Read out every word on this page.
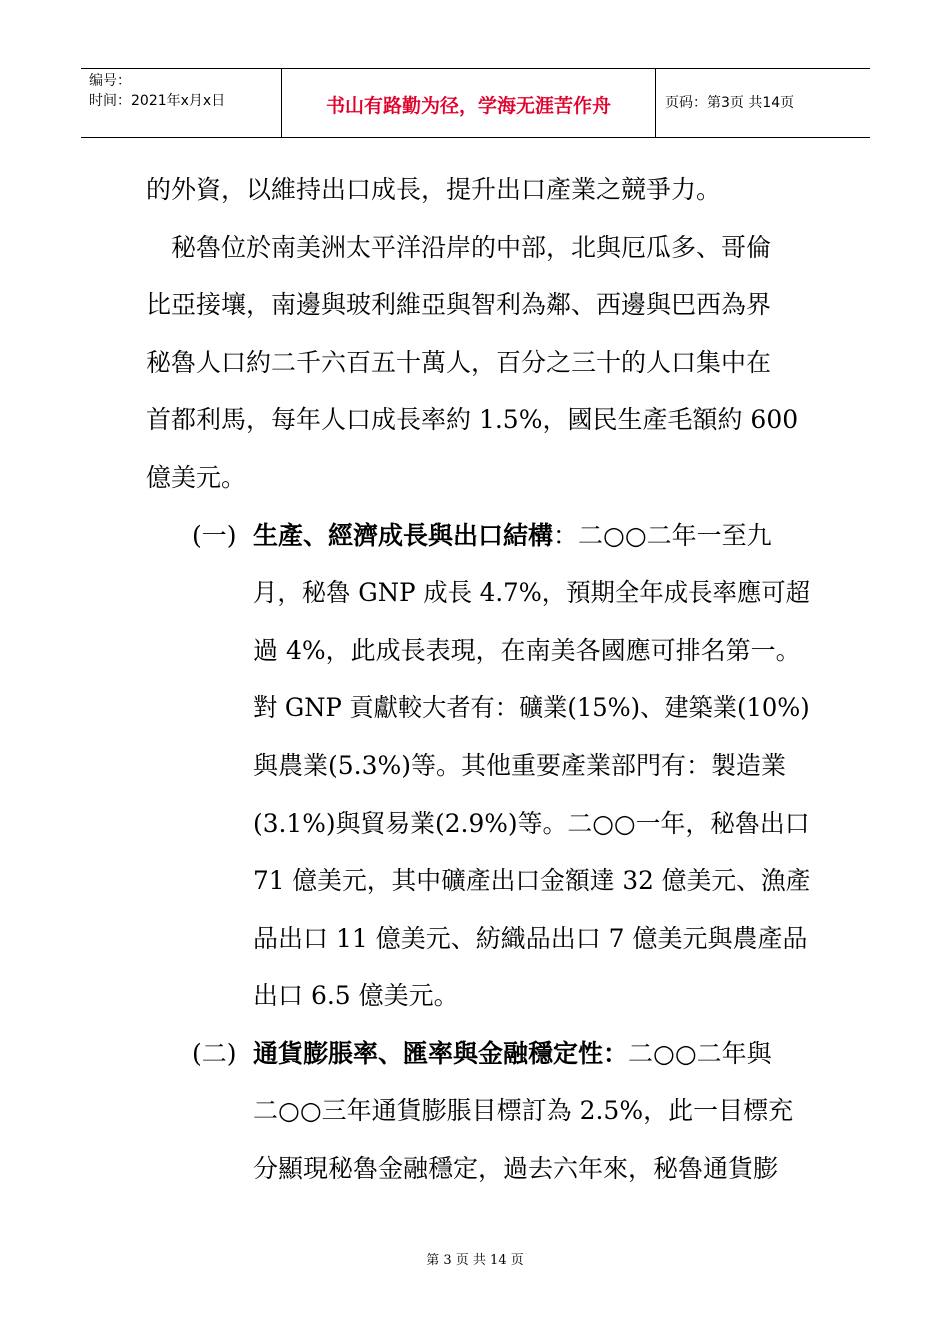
编号：
时间：2021年x月x日	书山有路勤为径，学海无涯苦作舟	页码：第3页 共14页
的外資，以維持出口成長，提升出口產業之競爭力。
秘魯位於南美洲太平洋沿岸的中部，北與厄瓜多、哥倫
比亞接壤，南邊與玻利維亞與智利為鄰、西邊與巴西為界
秘魯人口約二千六百五十萬人，百分之三十的人口集中在
首都利馬，每年人口成長率約 1.5%，國民生產毛額約 600
億美元。
(一) 生產、經濟成長與出口結構：二○○二年一至九
月，秘魯 GNP 成長 4.7%，預期全年成長率應可超
過 4%，此成長表現，在南美各國應可排名第一。
對 GNP 貢獻較大者有：礦業(15%)、建築業(10%)
與農業(5.3%)等。其他重要產業部門有：製造業
(3.1%)與貿易業(2.9%)等。二○○一年，秘魯出口
71 億美元，其中礦產出口金額達 32 億美元、漁產
品出口 11 億美元、紡織品出口 7 億美元與農產品
出口 6.5 億美元。
(二) 通貨膨脹率、匯率與金融穩定性：二○○二年與
二○○三年通貨膨脹目標訂為 2.5%，此一目標充
分顯現秘魯金融穩定，過去六年來，秘魯通貨膨
第 3 页 共 14 页
